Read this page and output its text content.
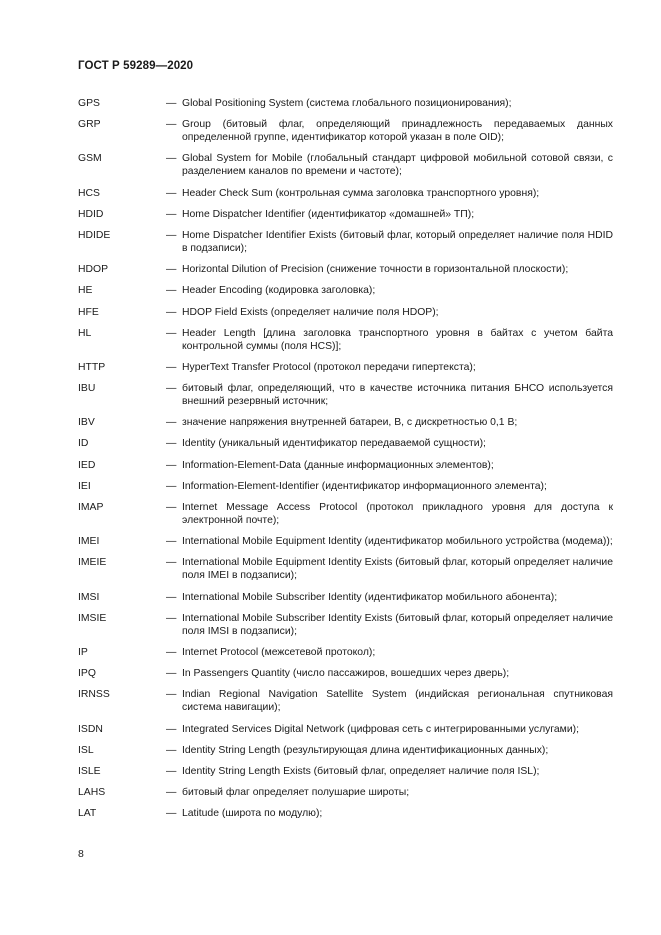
ГОСТ Р 59289—2020
GPS	— Global Positioning System (система глобального позиционирования);
GRP	— Group (битовый флаг, определяющий принадлежность передаваемых данных определенной группе, идентификатор которой указан в поле OID);
GSM	— Global System for Mobile (глобальный стандарт цифровой мобильной сотовой связи, с разделением каналов по времени и частоте);
HCS	— Header Check Sum (контрольная сумма заголовка транспортного уровня);
HDID	— Home Dispatcher Identifier (идентификатор «домашней» ТП);
HDIDE	— Home Dispatcher Identifier Exists (битовый флаг, который определяет наличие поля HDID в подзаписи);
HDOP	— Horizontal Dilution of Precision (снижение точности в горизонтальной плоскости);
HE	— Header Encoding (кодировка заголовка);
HFE	— HDOP Field Exists (определяет наличие поля HDOP);
HL	— Header Length [длина заголовка транспортного уровня в байтах с учетом байта контрольной суммы (поля HCS)];
HTTP	— HyperText Transfer Protocol (протокол передачи гипертекста);
IBU	— битовый флаг, определяющий, что в качестве источника питания БНСО используется внешний резервный источник;
IBV	— значение напряжения внутренней батареи, В, с дискретностью 0,1 В;
ID	— Identity (уникальный идентификатор передаваемой сущности);
IED	— Information-Element-Data (данные информационных элементов);
IEI	— Information-Element-Identifier (идентификатор информационного элемента);
IMAP	— Internet Message Access Protocol (протокол прикладного уровня для доступа к электронной почте);
IMEI	— International Mobile Equipment Identity (идентификатор мобильного устройства (модема));
IMEIE	— International Mobile Equipment Identity Exists (битовый флаг, который определяет наличие поля IMEI в подзаписи);
IMSI	— International Mobile Subscriber Identity (идентификатор мобильного абонента);
IMSIE	— International Mobile Subscriber Identity Exists (битовый флаг, который определяет наличие поля IMSI в подзаписи);
IP	— Internet Protocol (межсетевой протокол);
IPQ	— In Passengers Quantity (число пассажиров, вошедших через дверь);
IRNSS	— Indian Regional Navigation Satellite System (индийская региональная спутниковая система навигации);
ISDN	— Integrated Services Digital Network (цифровая сеть с интегрированными услугами);
ISL	— Identity String Length (результирующая длина идентификационных данных);
ISLE	— Identity String Length Exists (битовый флаг, определяет наличие поля ISL);
LAHS	— битовый флаг определяет полушарие широты;
LAT	— Latitude (широта по модулю);
8
